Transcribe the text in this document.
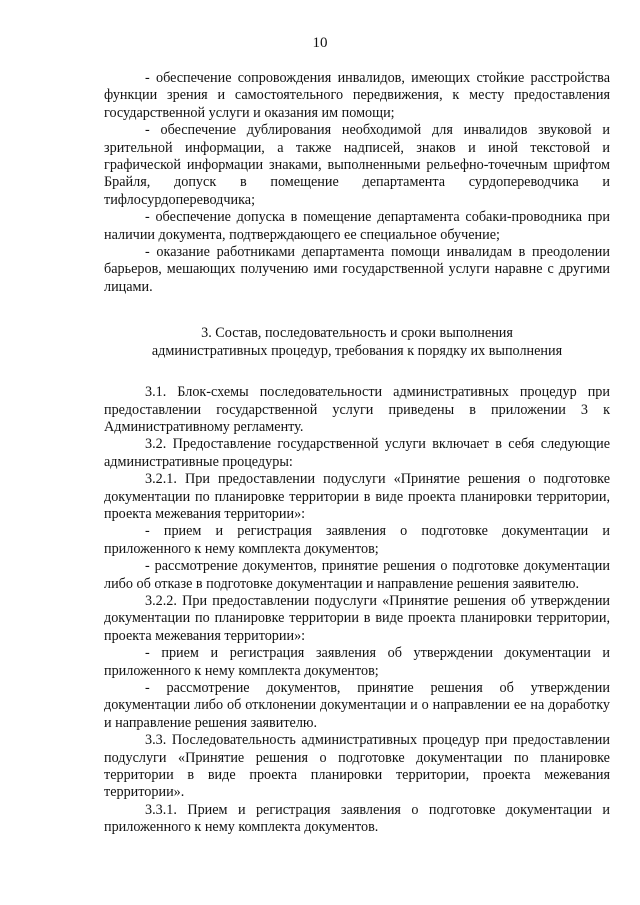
10

- обеспечение сопровождения инвалидов, имеющих стойкие расстройства функции зрения и самостоятельного передвижения, к месту предоставления государственной услуги и оказания им помощи;

- обеспечение дублирования необходимой для инвалидов звуковой и зрительной информации, а также надписей, знаков и иной текстовой и графической информации знаками, выполненными рельефно-точечным шрифтом Брайля, допуск в помещение департамента сурдопереводчика и тифлосурдопереводчика;

- обеспечение допуска в помещение департамента собаки-проводника при наличии документа, подтверждающего ее специальное обучение;

- оказание работниками департамента помощи инвалидам в преодолении барьеров, мешающих получению ими государственной услуги наравне с другими лицами.

3. Состав, последовательность и сроки выполнения
административных процедур, требования к порядку их выполнения

3.1. Блок-схемы последовательности административных процедур при предоставлении государственной услуги приведены в приложении 3 к Административному регламенту.

3.2. Предоставление государственной услуги включает в себя следующие административные процедуры:

3.2.1. При предоставлении подуслуги «Принятие решения о подготовке документации по планировке территории в виде проекта планировки территории, проекта межевания территории»:

- прием и регистрация заявления о подготовке документации и приложенного к нему комплекта документов;

- рассмотрение документов, принятие решения о подготовке документации либо об отказе в подготовке документации и направление решения заявителю.

3.2.2. При предоставлении подуслуги «Принятие решения об утверждении документации по планировке территории в виде проекта планировки территории, проекта межевания территории»:

- прием и регистрация заявления об утверждении документации и приложенного к нему комплекта документов;

- рассмотрение документов, принятие решения об утверждении документации либо об отклонении документации и о направлении ее на доработку и направление решения заявителю.

3.3. Последовательность административных процедур при предоставлении подуслуги «Принятие решения о подготовке документации по планировке территории в виде проекта планировки территории, проекта межевания территории».

3.3.1. Прием и регистрация заявления о подготовке документации и приложенного к нему комплекта документов.
